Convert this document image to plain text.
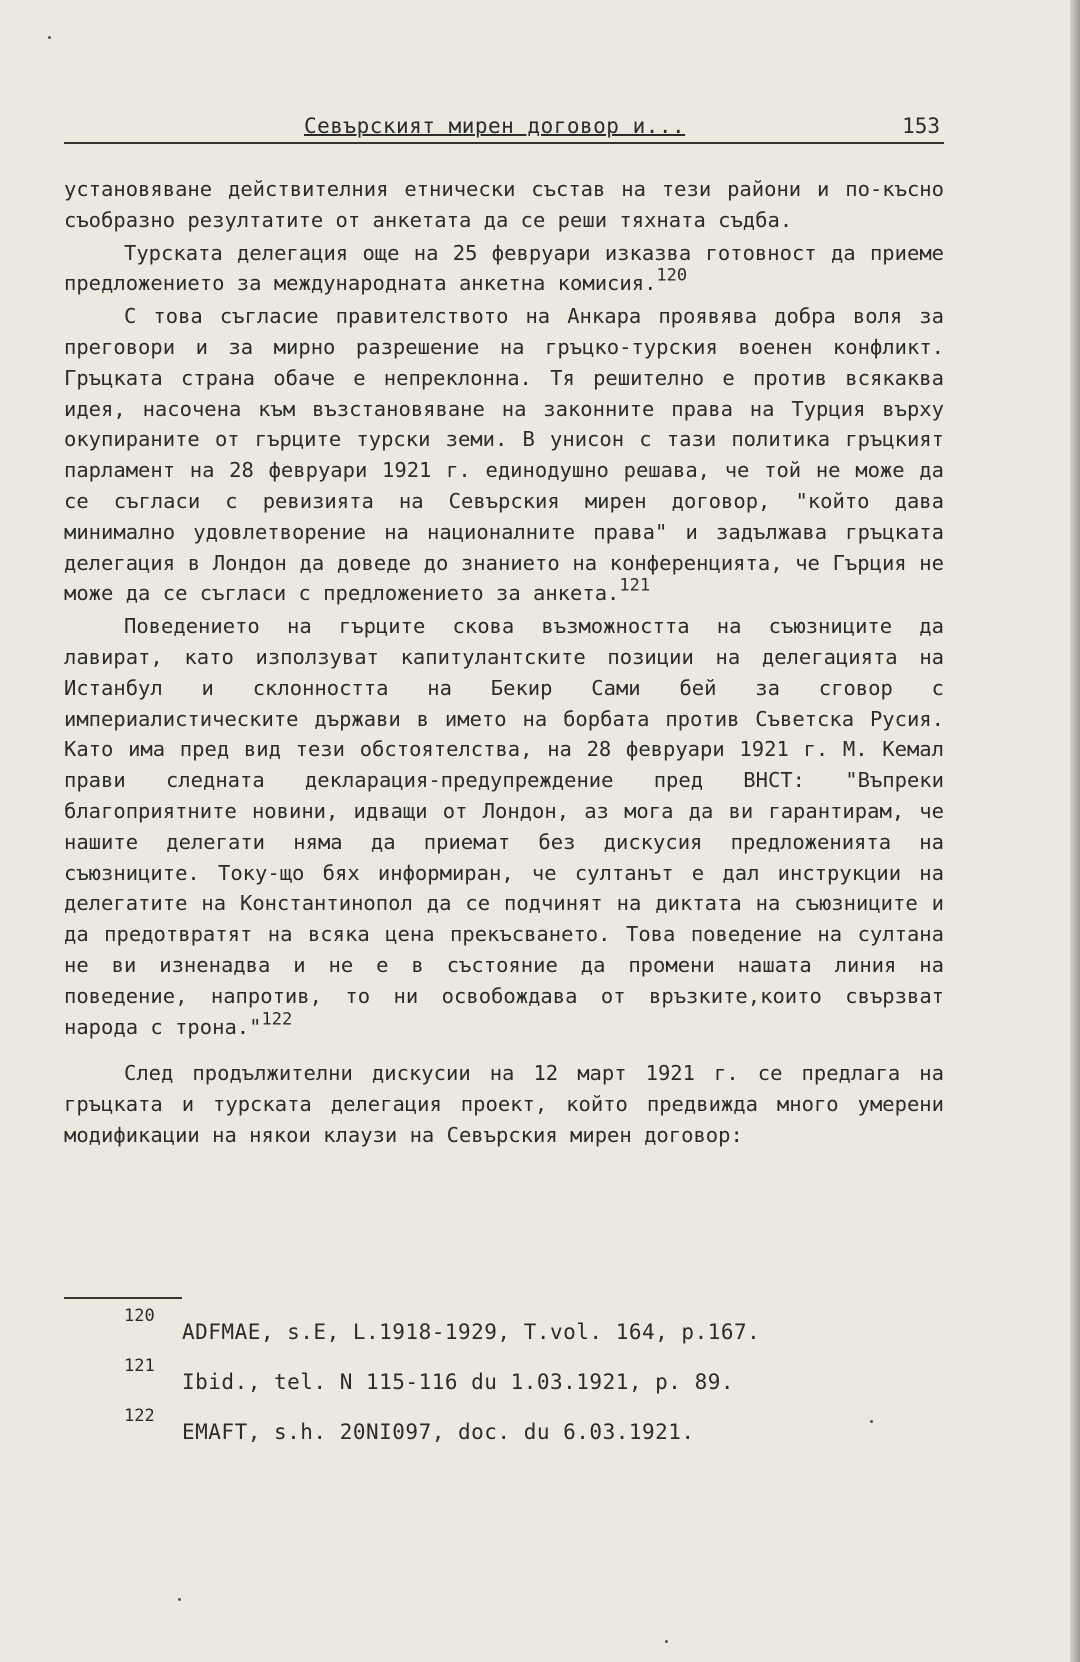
Севърският мирен договор и...	153

установяване действителния етнически състав на тези райони и по-късно съобразно резултатите от анкетата да се реши тяхната съдба.

Турската делегация още на 25 февруари изказва готовност да приеме предложението за международната анкетна комисия.$^{120}$

С това съгласие правителството на Анкара проявява добра воля за преговори и за мирно разрешение на гръцко-турския военен конфликт. Гръцката страна обаче е непреклонна. Тя решително е против всякаква идея, насочена към възстановяване на законните права на Турция върху окупираните от гърците турски земи. В унисон с тази политика гръцкият парламент на 28 февруари 1921 г. единодушно решава, че той не може да се съгласи с ревизията на Севърския мирен договор, "който дава минимално удовлетворение на националните права" и задължава гръцката делегация в Лондон да доведе до знанието на конференцията, че Гърция не може да се съгласи с предложението за анкета.$^{121}$

Поведението на гърците скова възможността на съюзниците да лавират, като използуват капитулантските позиции на делегацията на Истанбул и склонността на Бекир Сами бей за сговор с империалистическите държави в името на борбата против Съветска Русия. Като има пред вид тези обстоятелства, на 28 февруари 1921 г. М. Кемал прави следната декларация-предупреждение пред ВНСТ: "Въпреки благоприятните новини, идващи от Лондон, аз мога да ви гарантирам, че нашите делегати няма да приемат без дискусия предложенията на съюзниците. Току-що бях информиран, че султанът е дал инструкции на делегатите на Константинопол да се подчинят на диктата на съюзниците и да предотвратят на всяка цена прекъсването. Това поведение на султана не ви изненадва и не е в състояние да промени нашата линия на поведение, напротив, то ни освобождава от връзките,които свързват народа с трона."$^{122}$

След продължителни дискусии на 12 март 1921 г. се предлага на гръцката и турската делегация проект, който предвижда много умерени модификации на някои клаузи на Севърския мирен договор:

120
ADFMAE, s.E, L.1918-1929, T.vol. 164, p.167.
121
Ibid., tel. N 115-116 du 1.03.1921, p. 89.
122
EMAFT, s.h. 20NI097, doc. du 6.03.1921.
